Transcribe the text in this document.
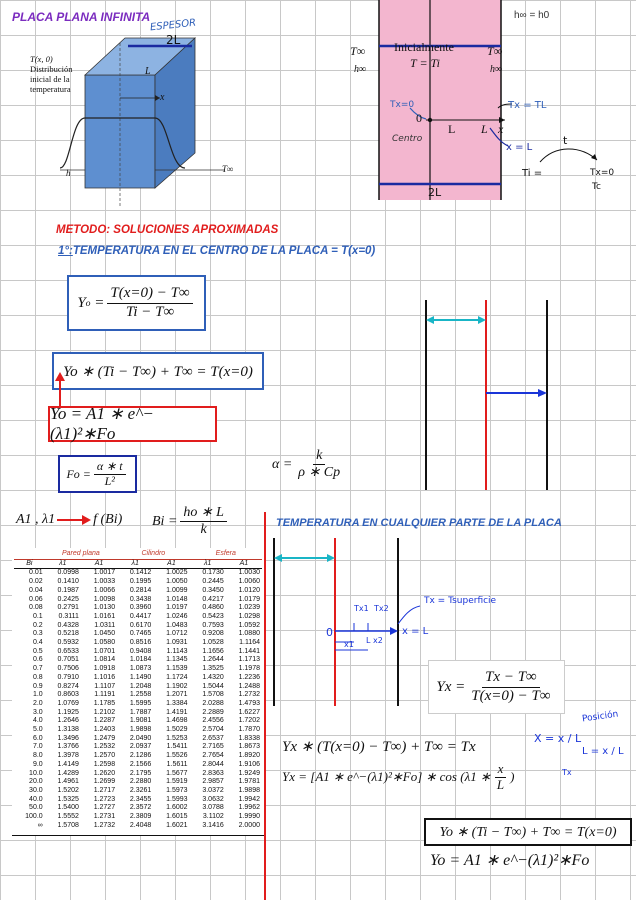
PLACA PLANA INFINITA
ESPESOR
2L
L
x
h	T∞
T(x, 0)
Distribución
inicial de la
temperatura
h∞ = h0
T∞
h∞
T∞
h∞
Inicialmente
T = Ti
0
L L x
2L
Tx=0
Centro
Tx = TL
x = L
t
Ti =	Tx=0
Tc
METODO: SOLUCIONES APROXIMADAS
1°:TEMPERATURA EN EL CENTRO DE LA PLACA = T(x=0)
Y $o = \frac{T(x=0) - T\infty}{Ti - T\infty}$
Yo ∗ (Ti − T∞) + T∞ = T(x=0)
Yo = A1 ∗ e^−(λ1)²∗Fo
$Fo = \frac{\alpha ∗ t}{\text{L²}}$	$\alpha = \frac{k}{\rho ∗ Cp}$
A1 , λ1	f (Bi) $Bi = \frac{ho ∗ L}{k}$	TEMPERATURA EN CUALQUIER PARTE DE LA PLACA
	Pared plana		Cilindro		Esfera	
Bi	λ1	A1	λ1	A1	λ1	A1
0.01	0.0998	1.0017	0.1412	1.0025	0.1730	1.0030
0.02	0.1410	1.0033	0.1995	1.0050	0.2445	1.0060
0.04	0.1987	1.0066	0.2814	1.0099	0.3450	1.0120
0.06	0.2425	1.0098	0.3438	1.0148	0.4217	1.0179
0.08	0.2791	1.0130	0.3960	1.0197	0.4860	1.0239
0.1	0.3111	1.0161	0.4417	1.0246	0.5423	1.0298
0.2	0.4328	1.0311	0.6170	1.0483	0.7593	1.0592
0.3	0.5218	1.0450	0.7465	1.0712	0.9208	1.0880
0.4	0.5932	1.0580	0.8516	1.0931	1.0528	1.1164
0.5	0.6533	1.0701	0.9408	1.1143	1.1656	1.1441
0.6	0.7051	1.0814	1.0184	1.1345	1.2644	1.1713
0.7	0.7506	1.0918	1.0873	1.1539	1.3525	1.1978
0.8	0.7910	1.1016	1.1490	1.1724	1.4320	1.2236
0.9	0.8274	1.1107	1.2048	1.1902	1.5044	1.2488
1.0	0.8603	1.1191	1.2558	1.2071	1.5708	1.2732
2.0	1.0769	1.1785	1.5995	1.3384	2.0288	1.4793
3.0	1.1925	1.2102	1.7887	1.4191	2.2889	1.6227
4.0	1.2646	1.2287	1.9081	1.4698	2.4556	1.7202
5.0	1.3138	1.2403	1.9898	1.5029	2.5704	1.7870
6.0	1.3496	1.2479	2.0490	1.5253	2.6537	1.8338
7.0	1.3766	1.2532	2.0937	1.5411	2.7165	1.8673
8.0	1.3978	1.2570	2.1286	1.5526	2.7654	1.8920
9.0	1.4149	1.2598	2.1566	1.5611	2.8044	1.9106
10.0	1.4289	1.2620	2.1795	1.5677	2.8363	1.9249
20.0	1.4961	1.2699	2.2880	1.5919	2.9857	1.9781
30.0	1.5202	1.2717	2.3261	1.5973	3.0372	1.9898
40.0	1.5325	1.2723	2.3455	1.5993	3.0632	1.9942
50.0	1.5400	1.2727	2.3572	1.6002	3.0788	1.9962
100.0	1.5552	1.2731	2.3809	1.6015	3.1102	1.9990
∞	1.5708	1.2732	2.4048	1.6021	3.1416	2.0000
0	x = L
Tx1 Tx2
Tx = Tsuperficie
x1 L x2
$Yx = \frac{Tx - T\infty}{T(x=0) - T\infty}$
Yx ∗ (T(x=0) − T∞) + T∞ = Tx
Yx = [A1 ∗ e^−(λ1)²∗Fo] ∗ cos (λ1 ∗ $\frac{x}{L}$ )
Posición
X = x / L
L = x / L
Tx
Yo ∗ (Ti − T∞) + T∞ = T(x=0)
Yo = A1 ∗ e^−(λ1)²∗Fo
